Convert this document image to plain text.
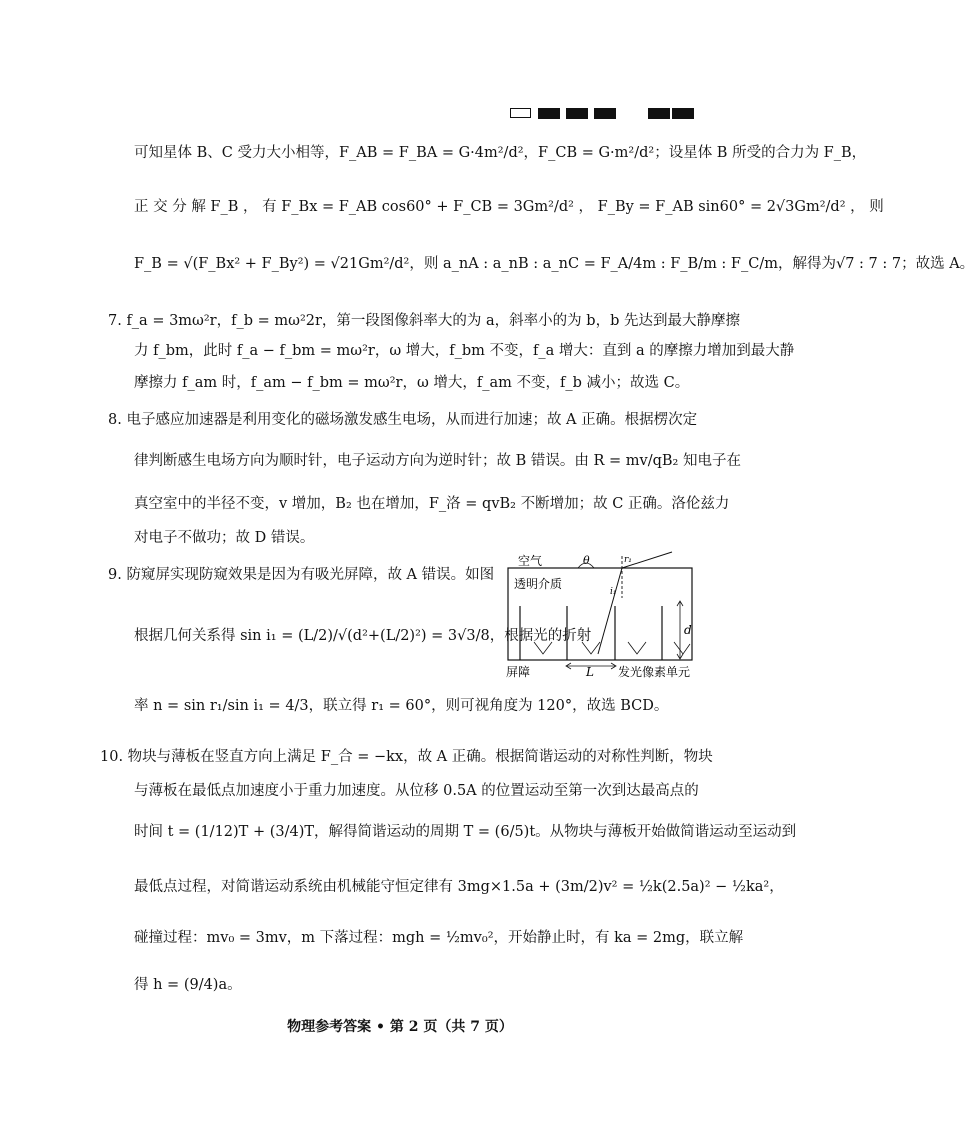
可知星体 B、C 受力大小相等，F_AB = F_BA = G·4m²/d²，F_CB = G·m²/d²；设星体 B 所受的合力为 F_B，
正 交 分 解 F_B ， 有 F_Bx = F_AB cos60° + F_CB = 3Gm²/d² ， F_By = F_AB sin60° = 2√3Gm²/d² ， 则
F_B = √(F_Bx² + F_By²) = √21Gm²/d²，则 a_nA : a_nB : a_nC = F_A/4m : F_B/m : F_C/m，解得为√7 : 7 : 7；故选 A。
7. f_a = 3mω²r，f_b = mω²2r，第一段图像斜率大的为 a，斜率小的为 b，b 先达到最大静摩擦
力 f_bm，此时 f_a − f_bm = mω²r，ω 增大，f_bm 不变，f_a 增大：直到 a 的摩擦力增加到最大静
摩擦力 f_am 时，f_am − f_bm = mω²r，ω 增大，f_am 不变，f_b 减小；故选 C。
8. 电子感应加速器是利用变化的磁场激发感生电场，从而进行加速；故 A 正确。根据楞次定
律判断感生电场方向为顺时针，电子运动方向为逆时针；故 B 错误。由 R = mv/qB₂ 知电子在
真空室中的半径不变，v 增加，B₂ 也在增加，F_洛 = qvB₂ 不断增加；故 C 正确。洛伦兹力
对电子不做功；故 D 错误。
9. 防窥屏实现防窥效果是因为有吸光屏障，故 A 错误。如图
根据几何关系得 sin i₁ = (L/2)/√(d²+(L/2)²) = 3√3/8，根据光的折射
率 n = sin r₁/sin i₁ = 4/3，联立得 r₁ = 60°，则可视角度为 120°，故选 BCD。
10. 物块与薄板在竖直方向上满足 F_合 = −kx，故 A 正确。根据简谐运动的对称性判断，物块
与薄板在最低点加速度小于重力加速度。从位移 0.5A 的位置运动至第一次到达最高点的
时间 t = (1/12)T + (3/4)T，解得简谐运动的周期 T = (6/5)t。从物块与薄板开始做简谐运动至运动到
最低点过程，对简谐运动系统由机械能守恒定律有 3mg×1.5a + (3m/2)v² = ½k(2.5a)² − ½ka²，
碰撞过程：mv₀ = 3mv，m 下落过程：mgh = ½mv₀²，开始静止时，有 ka = 2mg，联立解
得 h = (9/4)a。
空气	θ	r₁
i₁
透明介质
d
屏障	L 发光像素单元
物理参考答案 • 第 2 页（共 7 页）
